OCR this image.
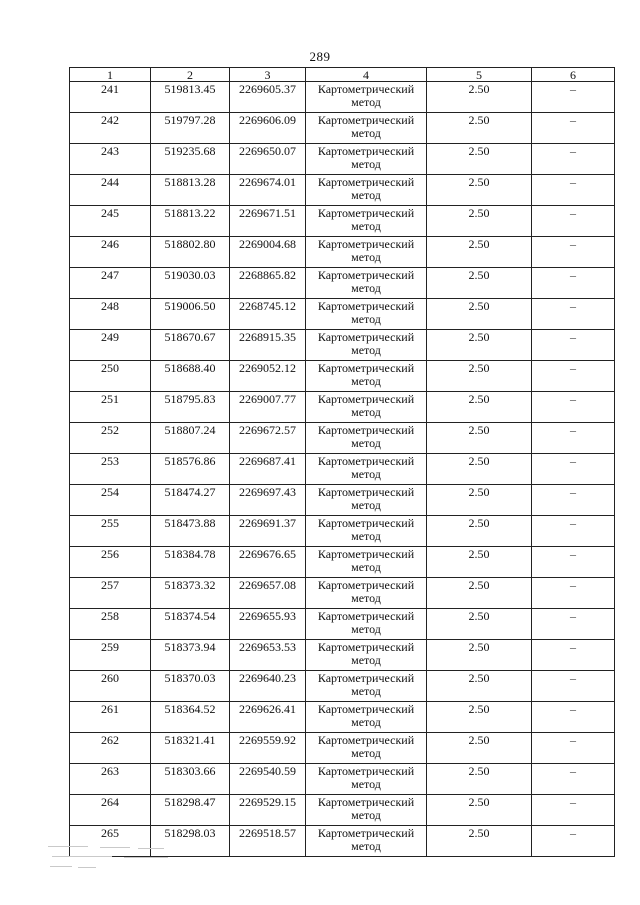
289
1	2	3	4	5	6
241	519813.45	2269605.37	Картометрический метод	2.50	–
242	519797.28	2269606.09	Картометрический метод	2.50	–
243	519235.68	2269650.07	Картометрический метод	2.50	–
244	518813.28	2269674.01	Картометрический метод	2.50	–
245	518813.22	2269671.51	Картометрический метод	2.50	–
246	518802.80	2269004.68	Картометрический метод	2.50	–
247	519030.03	2268865.82	Картометрический метод	2.50	–
248	519006.50	2268745.12	Картометрический метод	2.50	–
249	518670.67	2268915.35	Картометрический метод	2.50	–
250	518688.40	2269052.12	Картометрический метод	2.50	–
251	518795.83	2269007.77	Картометрический метод	2.50	–
252	518807.24	2269672.57	Картометрический метод	2.50	–
253	518576.86	2269687.41	Картометрический метод	2.50	–
254	518474.27	2269697.43	Картометрический метод	2.50	–
255	518473.88	2269691.37	Картометрический метод	2.50	–
256	518384.78	2269676.65	Картометрический метод	2.50	–
257	518373.32	2269657.08	Картометрический метод	2.50	–
258	518374.54	2269655.93	Картометрический метод	2.50	–
259	518373.94	2269653.53	Картометрический метод	2.50	–
260	518370.03	2269640.23	Картометрический метод	2.50	–
261	518364.52	2269626.41	Картометрический метод	2.50	–
262	518321.41	2269559.92	Картометрический метод	2.50	–
263	518303.66	2269540.59	Картометрический метод	2.50	–
264	518298.47	2269529.15	Картометрический метод	2.50	–
265	518298.03	2269518.57	Картометрический метод	2.50	–
